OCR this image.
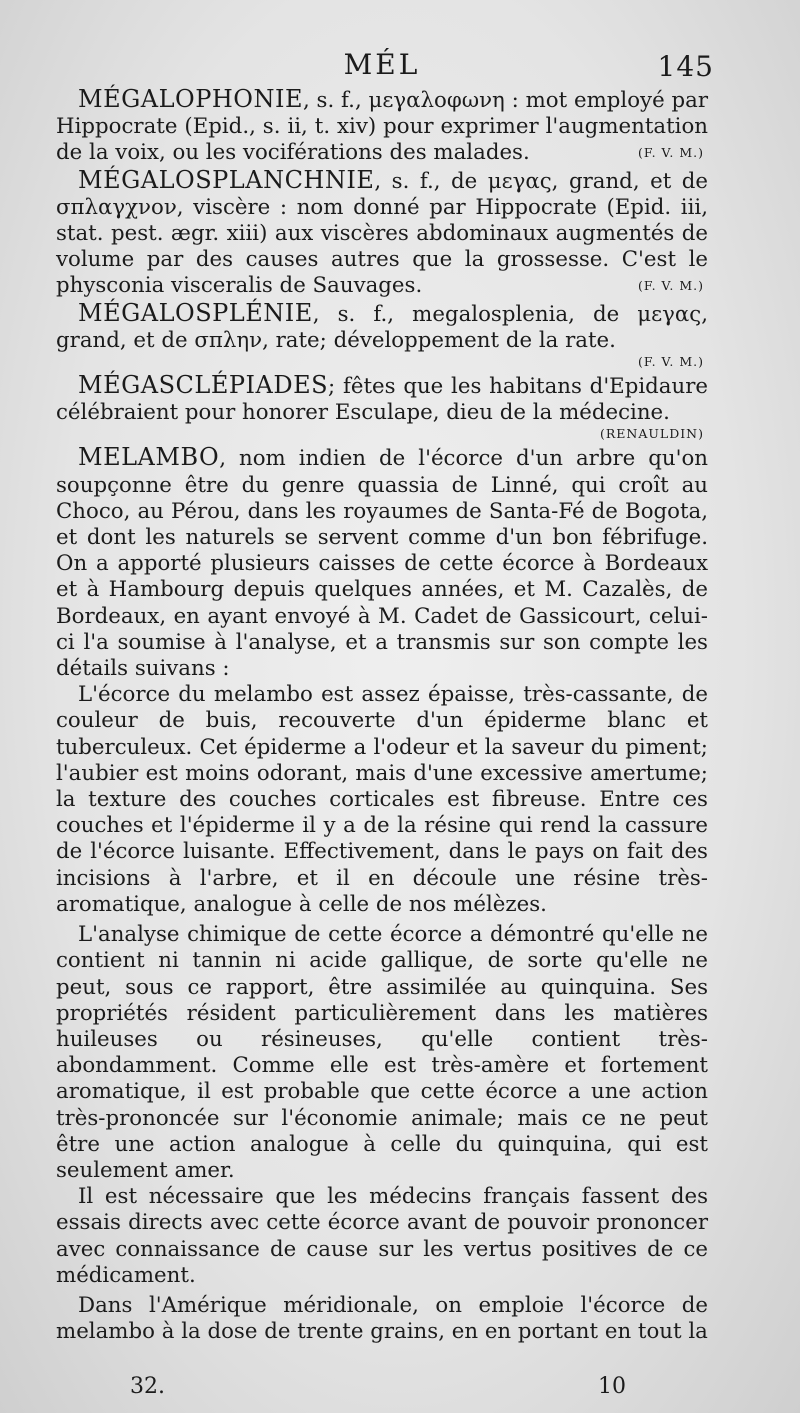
MÉL	145

MÉGALOPHONIE, s. f., μεγαλοφωνη : mot employé par Hippocrate (Epid., s. ii, t. xiv) pour exprimer l'augmentation de la voix, ou les vociférations des malades.	(F. V. M.)

MÉGALOSPLANCHNIE, s. f., de μεγας, grand, et de σπλαγχνον, viscère : nom donné par Hippocrate (Epid. iii, stat. pest. ægr. xiii) aux viscères abdominaux augmentés de volume par des causes autres que la grossesse. C'est le physconia visceralis de Sauvages.	(F. V. M.)

MÉGALOSPLÉNIE, s. f., megalosplenia, de μεγας, grand, et de σπλην, rate; développement de la rate.

(F. V. M.)

MÉGASCLÉPIADES; fêtes que les habitans d'Epidaure célébraient pour honorer Esculape, dieu de la médecine.

(RENAULDIN)

MELAMBO, nom indien de l'écorce d'un arbre qu'on soupçonne être du genre quassia de Linné, qui croît au Choco, au Pérou, dans les royaumes de Santa-Fé de Bogota, et dont les naturels se servent comme d'un bon fébrifuge. On a apporté plusieurs caisses de cette écorce à Bordeaux et à Hambourg depuis quelques années, et M. Cazalès, de Bordeaux, en ayant envoyé à M. Cadet de Gassicourt, celui-ci l'a soumise à l'analyse, et a transmis sur son compte les détails suivans :

L'écorce du melambo est assez épaisse, très-cassante, de couleur de buis, recouverte d'un épiderme blanc et tuberculeux. Cet épiderme a l'odeur et la saveur du piment; l'aubier est moins odorant, mais d'une excessive amertume; la texture des couches corticales est fibreuse. Entre ces couches et l'épiderme il y a de la résine qui rend la cassure de l'écorce luisante. Effectivement, dans le pays on fait des incisions à l'arbre, et il en découle une résine très-aromatique, analogue à celle de nos mélèzes.

L'analyse chimique de cette écorce a démontré qu'elle ne contient ni tannin ni acide gallique, de sorte qu'elle ne peut, sous ce rapport, être assimilée au quinquina. Ses propriétés résident particulièrement dans les matières huileuses ou résineuses, qu'elle contient très-abondamment. Comme elle est très-amère et fortement aromatique, il est probable que cette écorce a une action très-prononcée sur l'économie animale; mais ce ne peut être une action analogue à celle du quinquina, qui est seulement amer.

Il est nécessaire que les médecins français fassent des essais directs avec cette écorce avant de pouvoir prononcer avec connaissance de cause sur les vertus positives de ce médicament.

Dans l'Amérique méridionale, on emploie l'écorce de melambo à la dose de trente grains, en en portant en tout la

32.	10
